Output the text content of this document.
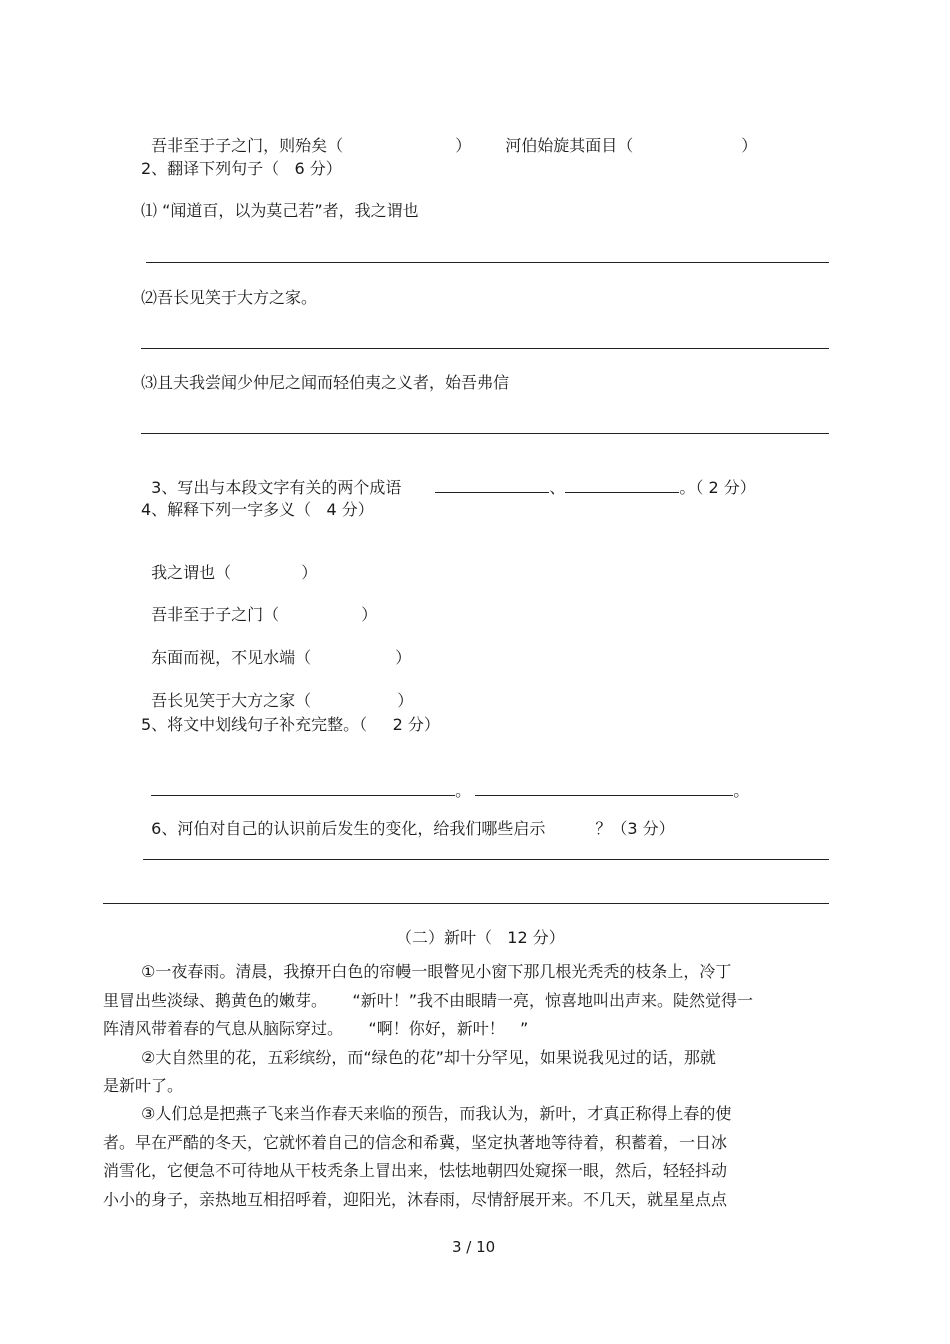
吾非至于子之门，则殆矣（	） 河伯始旋其面目（	）

2、翻译下列句子（   6 分）
⑴ “闻道百，以为莫己若”者，我之谓也
⑵吾长见笑于大方之家。
⑶且夫我尝闻少仲尼之闻而轻伯夷之义者，始吾弗信

3、写出与本段文字有关的两个成语	、	。（ 2 分）

4、解释下列一字多义（   4 分）

我之谓也（	）

吾非至于子之门（	）

东面而视，不见水端（	）

吾长见笑于大方之家（	）

5、将文中划线句子补充完整。（     2 分）

。	。

6、河伯对自己的认识前后发生的变化，给我们哪些启示	？（3 分）

（二）新叶（   12 分）
①一夜春雨。清晨，我撩开白色的帘幔一眼瞥见小窗下那几根光秃秃的枝条上，冷丁
里冒出些淡绿、鹅黄色的嫩芽。     “新叶！”我不由眼睛一亮，惊喜地叫出声来。陡然觉得一
阵清风带着春的气息从脑际穿过。     “啊！你好，新叶！   ”
②大自然里的花，五彩缤纷，而“绿色的花”却十分罕见，如果说我见过的话，那就
是新叶了。
③人们总是把燕子飞来当作春天来临的预告，而我认为，新叶，才真正称得上春的使
者。早在严酷的冬天，它就怀着自己的信念和希冀，坚定执著地等待着，积蓄着，一日冰
消雪化，它便急不可待地从干枝秃条上冒出来，怯怯地朝四处窥探一眼，然后，轻轻抖动
小小的身子，亲热地互相招呼着，迎阳光，沐春雨，尽情舒展开来。不几天，就星星点点
3 / 10
